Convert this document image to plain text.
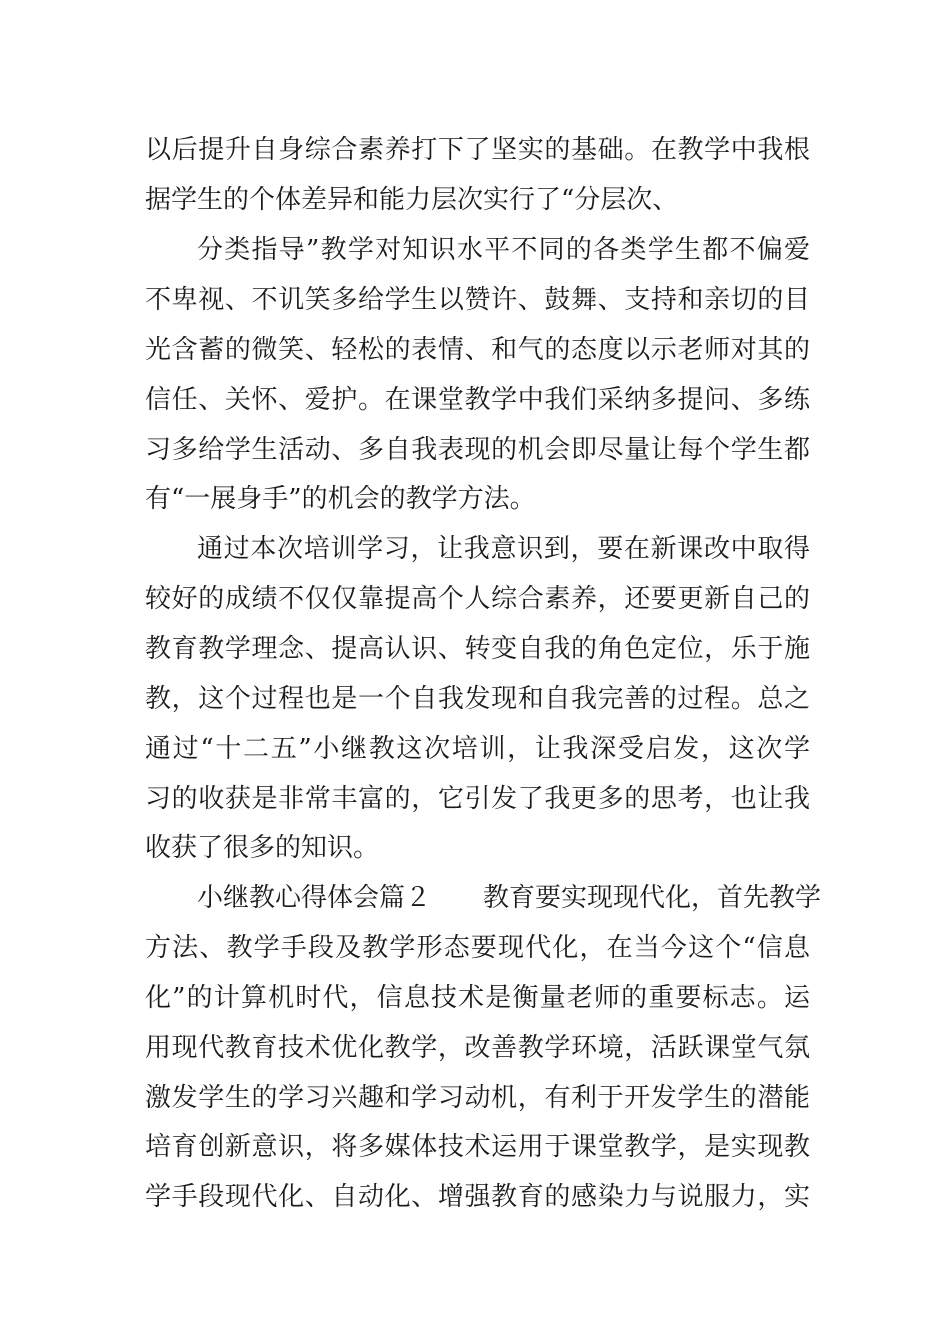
以后提升自身综合素养打下了坚实的基础。在教学中我根
据学生的个体差异和能力层次实行了“分层次、
分类指导”教学对知识水平不同的各类学生都不偏爱
不卑视、不讥笑多给学生以赞许、鼓舞、支持和亲切的目
光含蓄的微笑、轻松的表情、和气的态度以示老师对其的
信任、关怀、爱护。在课堂教学中我们采纳多提问、多练
习多给学生活动、多自我表现的机会即尽量让每个学生都
有“一展身手”的机会的教学方法。
通过本次培训学习，让我意识到，要在新课改中取得
较好的成绩不仅仅靠提高个人综合素养，还要更新自己的
教育教学理念、提高认识、转变自我的角色定位，乐于施
教，这个过程也是一个自我发现和自我完善的过程。总之
通过“十二五”小继教这次培训，让我深受启发，这次学
习的收获是非常丰富的，它引发了我更多的思考，也让我
收获了很多的知识。
小继教心得体会篇２　　教育要实现现代化，首先教学
方法、教学手段及教学形态要现代化，在当今这个“信息
化”的计算机时代，信息技术是衡量老师的重要标志。运
用现代教育技术优化教学，改善教学环境，活跃课堂气氛
激发学生的学习兴趣和学习动机，有利于开发学生的潜能
培育创新意识，将多媒体技术运用于课堂教学，是实现教
学手段现代化、自动化、增强教育的感染力与说服力，实
